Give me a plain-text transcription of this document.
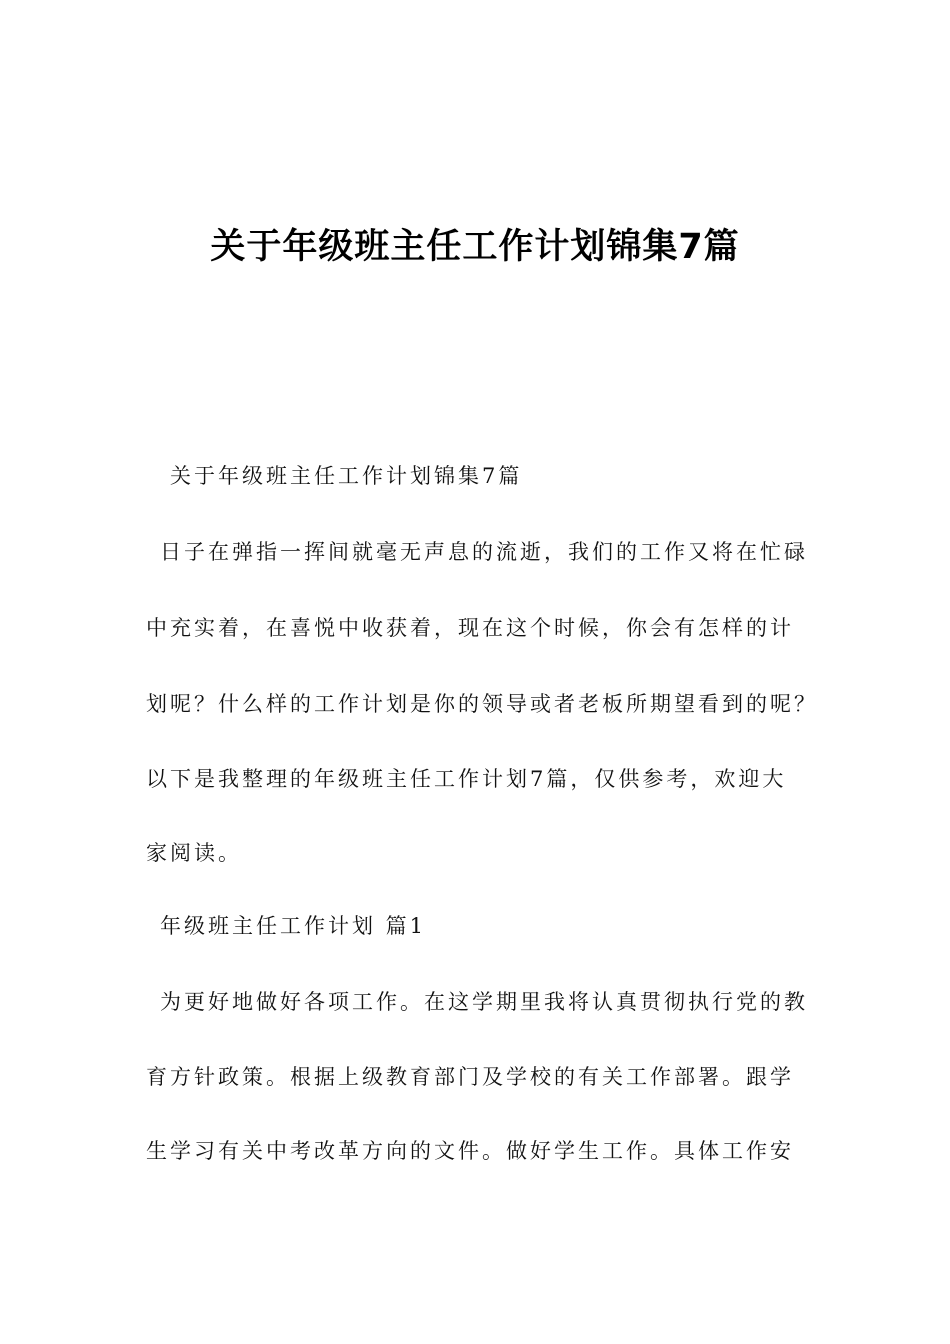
关于年级班主任工作计划锦集7篇

关于年级班主任工作计划锦集7篇

日子在弹指一挥间就毫无声息的流逝，我们的工作又将在忙碌

中充实着，在喜悦中收获着，现在这个时候，你会有怎样的计

划呢？什么样的工作计划是你的领导或者老板所期望看到的呢？

以下是我整理的年级班主任工作计划7篇，仅供参考，欢迎大

家阅读。

年级班主任工作计划 篇1

为更好地做好各项工作。在这学期里我将认真贯彻执行党的教

育方针政策。根据上级教育部门及学校的有关工作部署。跟学

生学习有关中考改革方向的文件。做好学生工作。具体工作安
